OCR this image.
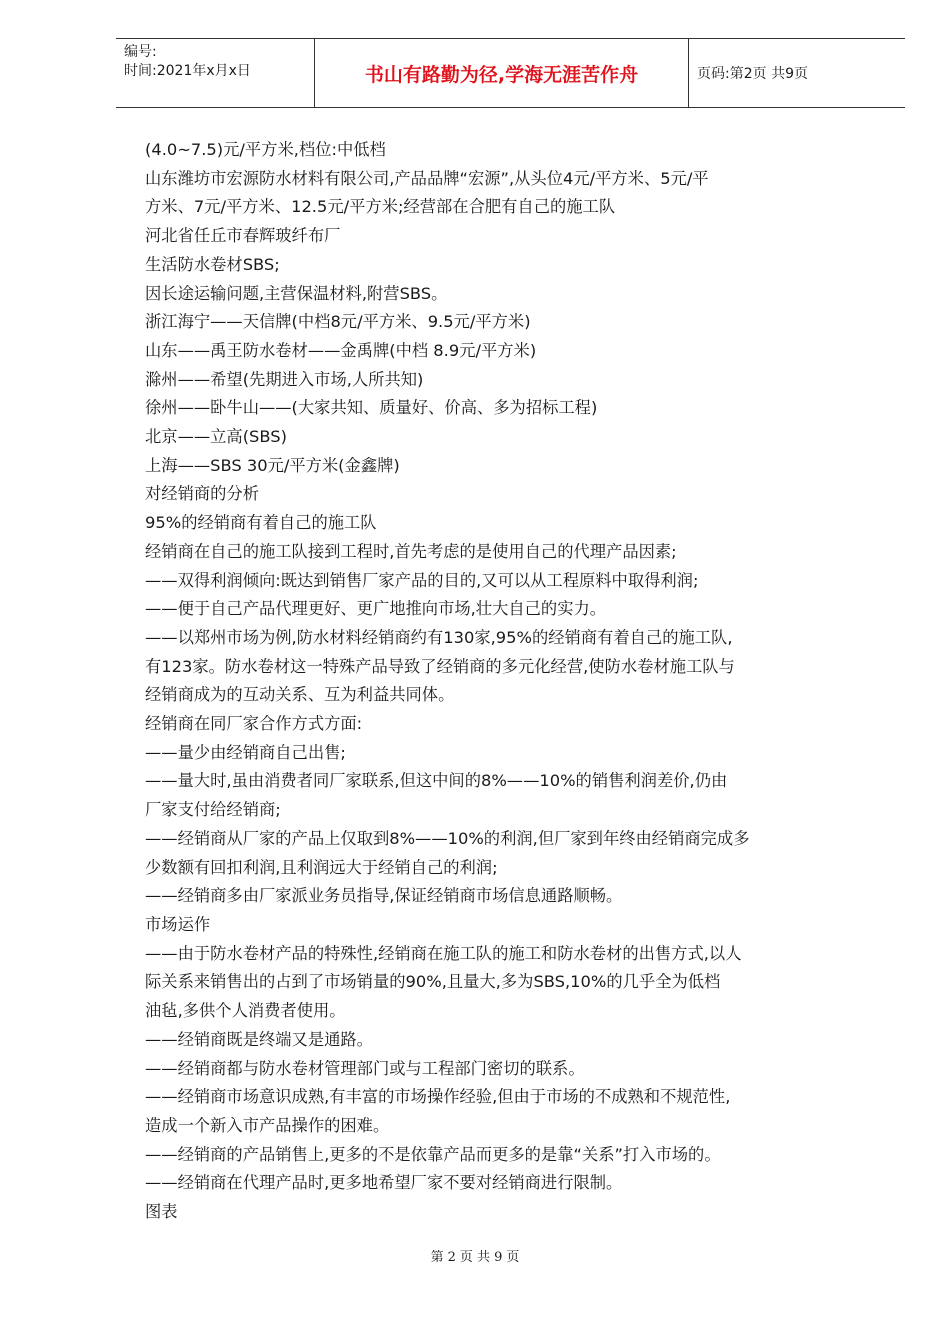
编号:
时间:2021年x月x日	书山有路勤为径,学海无涯苦作舟	页码:第2页 共9页
(4.0~7.5)元/平方米,档位:中低档
山东潍坊市宏源防水材料有限公司,产品品牌“宏源”,从头位4元/平方米、5元/平
方米、7元/平方米、12.5元/平方米;经营部在合肥有自己的施工队
河北省任丘市春辉玻纤布厂
生活防水卷材SBS;
因长途运输问题,主营保温材料,附营SBS。
浙江海宁——天信牌(中档8元/平方米、9.5元/平方米)
山东——禹王防水卷材——金禹牌(中档 8.9元/平方米)
滁州——希望(先期进入市场,人所共知)
徐州——卧牛山——(大家共知、质量好、价高、多为招标工程)
北京——立高(SBS)
上海——SBS 30元/平方米(金鑫牌)
对经销商的分析
95%的经销商有着自己的施工队
经销商在自己的施工队接到工程时,首先考虑的是使用自己的代理产品因素;
——双得利润倾向:既达到销售厂家产品的目的,又可以从工程原料中取得利润;
——便于自己产品代理更好、更广地推向市场,壮大自己的实力。
——以郑州市场为例,防水材料经销商约有130家,95%的经销商有着自己的施工队,
有123家。防水卷材这一特殊产品导致了经销商的多元化经营,使防水卷材施工队与
经销商成为的互动关系、互为利益共同体。
经销商在同厂家合作方式方面:
——量少由经销商自己出售;
——量大时,虽由消费者同厂家联系,但这中间的8%——10%的销售利润差价,仍由
厂家支付给经销商;
——经销商从厂家的产品上仅取到8%——10%的利润,但厂家到年终由经销商完成多
少数额有回扣利润,且利润远大于经销自己的利润;
——经销商多由厂家派业务员指导,保证经销商市场信息通路顺畅。
市场运作
——由于防水卷材产品的特殊性,经销商在施工队的施工和防水卷材的出售方式,以人
际关系来销售出的占到了市场销量的90%,且量大,多为SBS,10%的几乎全为低档
油毡,多供个人消费者使用。
——经销商既是终端又是通路。
——经销商都与防水卷材管理部门或与工程部门密切的联系。
——经销商市场意识成熟,有丰富的市场操作经验,但由于市场的不成熟和不规范性,
造成一个新入市产品操作的困难。
——经销商的产品销售上,更多的不是依靠产品而更多的是靠“关系”打入市场的。
——经销商在代理产品时,更多地希望厂家不要对经销商进行限制。
图表
第 2 页 共 9 页
